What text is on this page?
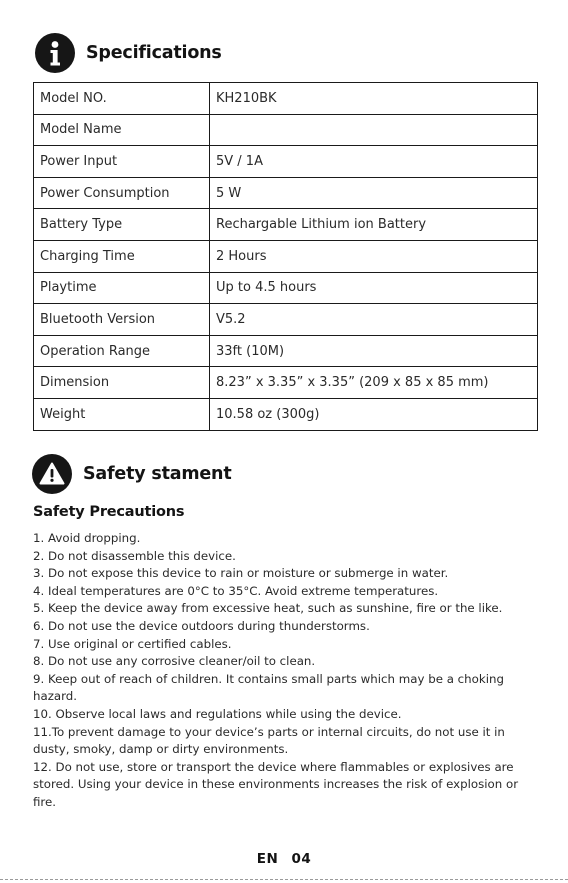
Specifications
Model NO.	KH210BK
Model Name	
Power Input	5V / 1A
Power Consumption	5 W
Battery Type	Rechargable Lithium ion Battery
Charging Time	2 Hours
Playtime	Up to 4.5 hours
Bluetooth Version	V5.2
Operation Range	33ft (10M)
Dimension	8.23” x 3.35” x 3.35” (209 x 85 x 85 mm)
Weight	10.58 oz (300g)
Safety stament
Safety Precautions
1. Avoid dropping.
2. Do not disassemble this device.
3. Do not expose this device to rain or moisture or submerge in water.
4. Ideal temperatures are 0°C to 35°C. Avoid extreme temperatures.
5. Keep the device away from excessive heat, such as sunshine, fire or the like.
6. Do not use the device outdoors during thunderstorms.
7. Use original or certified cables.
8. Do not use any corrosive cleaner/oil to clean.
9. Keep out of reach of children. It contains small parts which may be a choking hazard.
10. Observe local laws and regulations while using the device.
11.To prevent damage to your device’s parts or internal circuits, do not use it in dusty, smoky, damp or dirty environments.
12. Do not use, store or transport the device where flammables or explosives are stored. Using your device in these environments increases the risk of explosion or fire.
EN 04
